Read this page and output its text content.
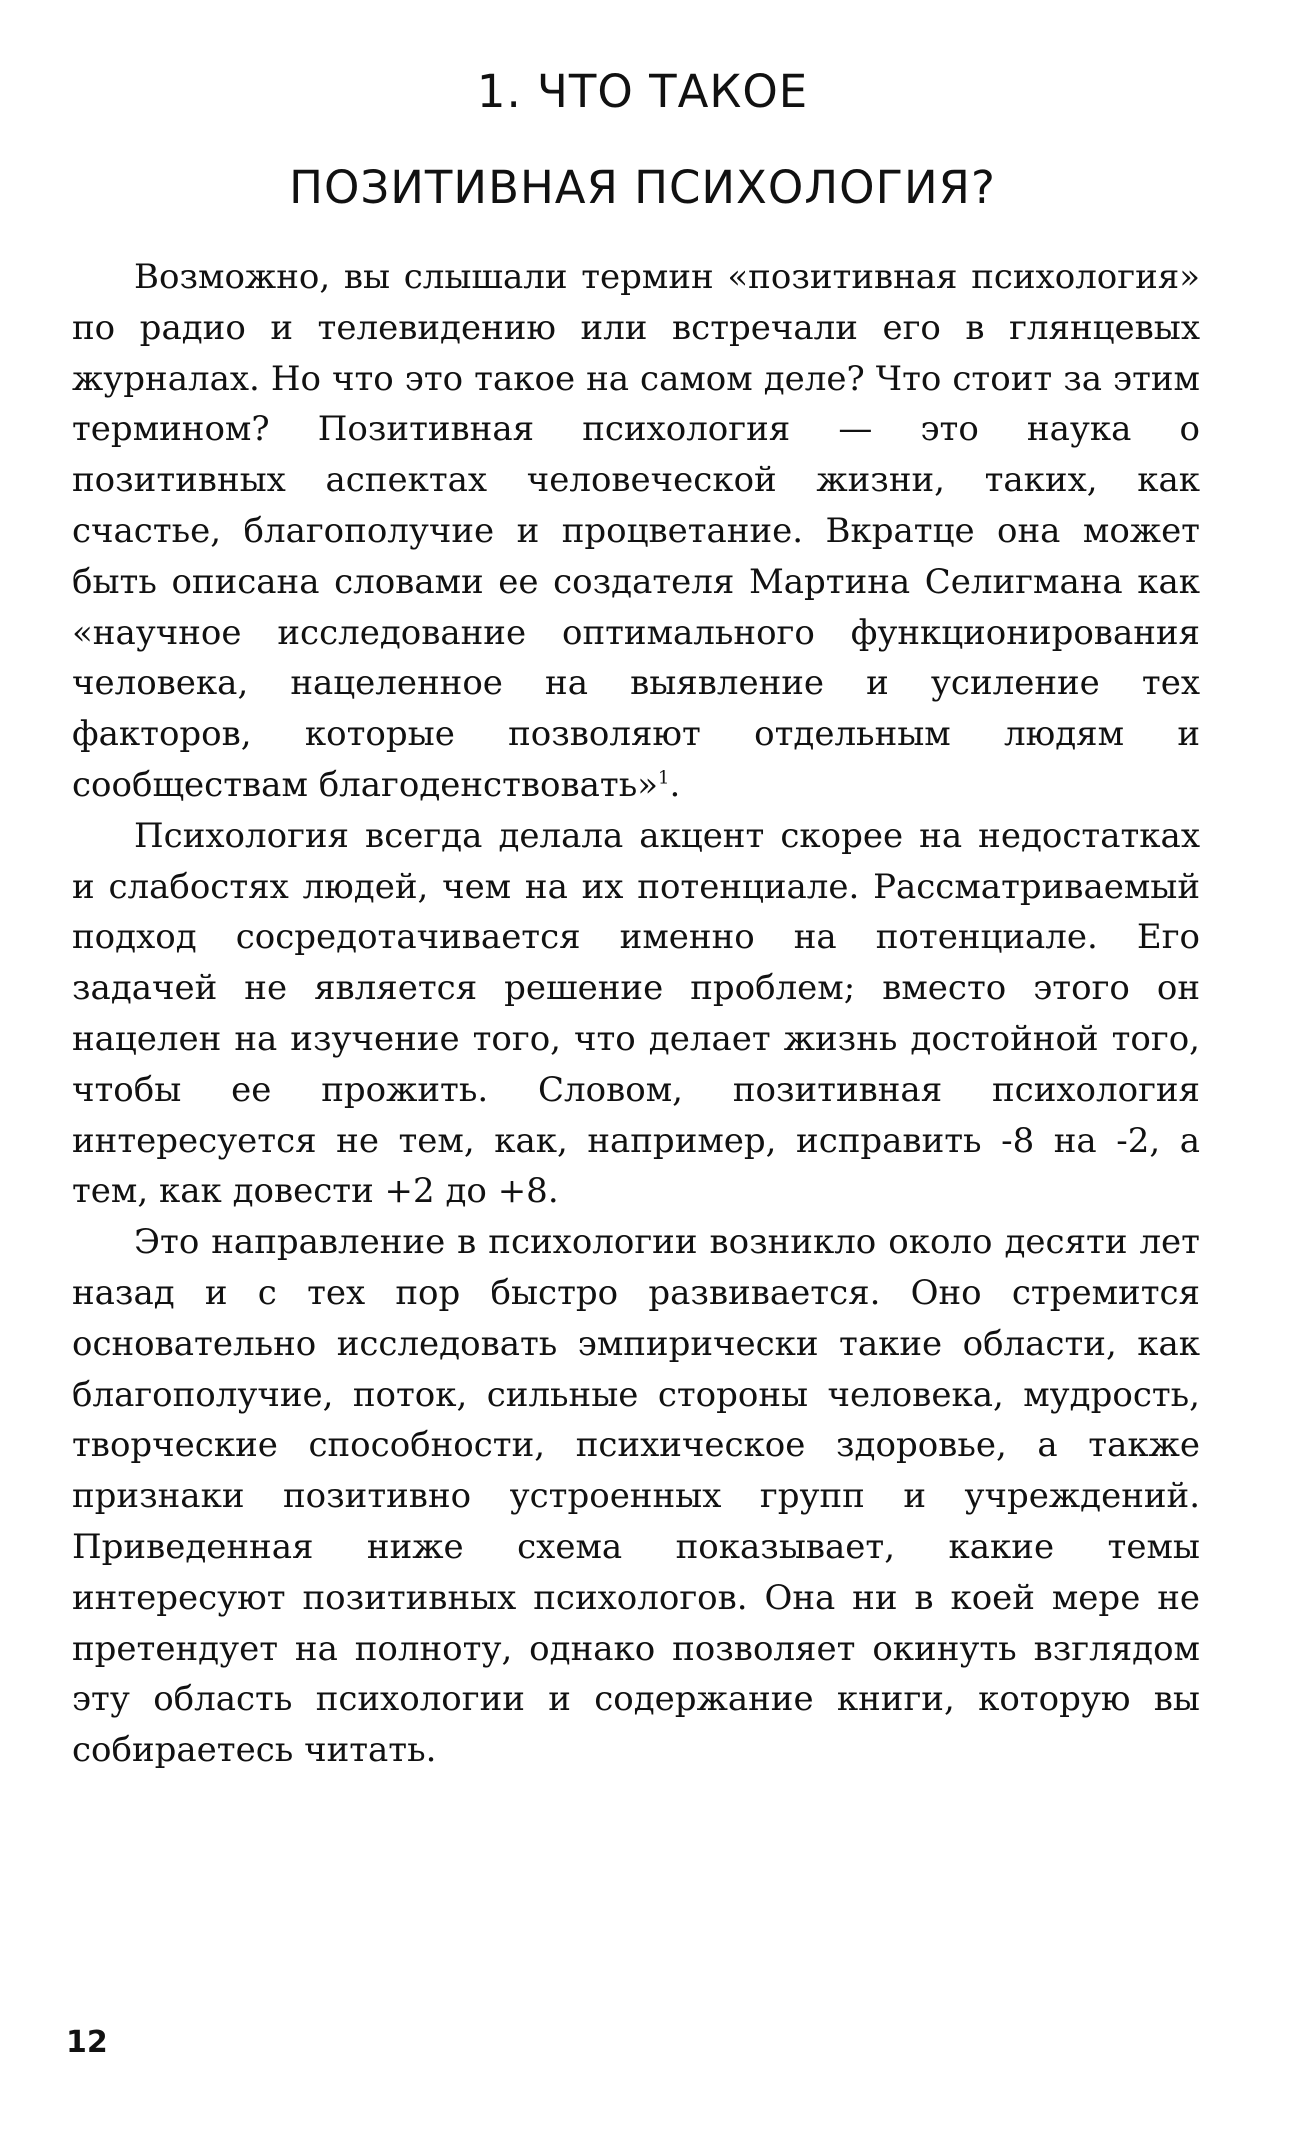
1. ЧТО ТАКОЕ
ПОЗИТИВНАЯ ПСИХОЛОГИЯ?

Возможно, вы слышали термин «позитивная психология» по радио и телевидению или встречали его в глянцевых журналах. Но что это такое на самом деле? Что стоит за этим термином? Позитивная психология — это наука о позитивных аспектах человеческой жизни, таких, как счастье, благополучие и процветание. Вкратце она может быть описана словами ее создателя Мартина Селигмана как «научное исследование оптимального функционирования человека, нацеленное на выявление и усиление тех факторов, которые позволяют отдельным людям и сообществам благоденствовать»$^1$.

Психология всегда делала акцент скорее на недостатках и слабостях людей, чем на их потенциале. Рассматриваемый подход сосредотачивается именно на потенциале. Его задачей не является решение проблем; вместо этого он нацелен на изучение того, что делает жизнь достойной того, чтобы ее прожить. Словом, позитивная психология интересуется не тем, как, например, исправить -8 на -2, а тем, как довести +2 до +8.

Это направление в психологии возникло около десяти лет назад и с тех пор быстро развивается. Оно стремится основательно исследовать эмпирически такие области, как благополучие, поток, сильные стороны человека, мудрость, творческие способности, психическое здоровье, а также признаки позитивно устроенных групп и учреждений. Приведенная ниже схема показывает, какие темы интересуют позитивных психологов. Она ни в коей мере не претендует на полноту, однако позволяет окинуть взглядом эту область психологии и содержание книги, которую вы собираетесь читать.

12
